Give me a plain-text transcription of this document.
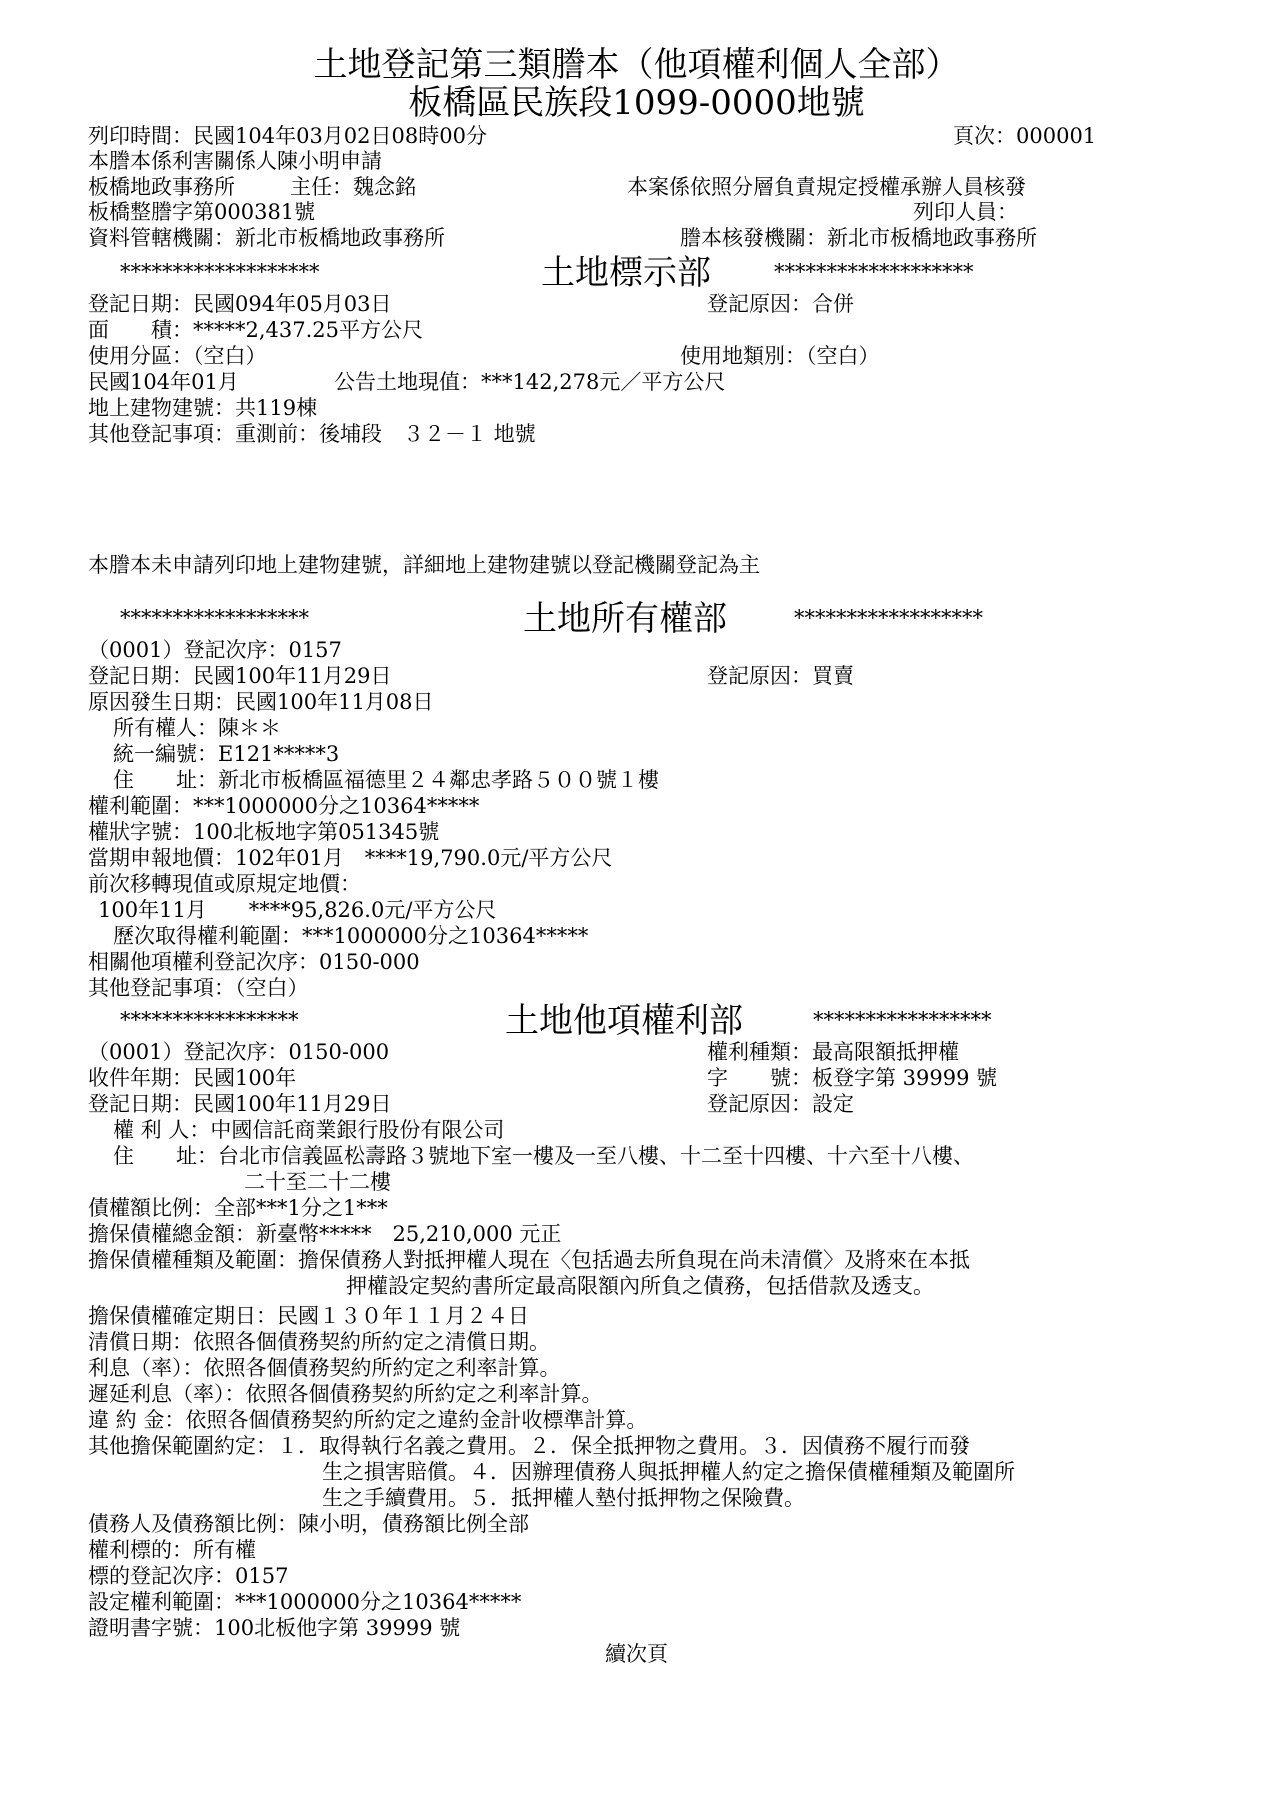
土地登記第三類謄本（他項權利個人全部）
板橋區民族段1099-0000地號
列印時間：民國104年03月02日08時00分	頁次：000001
本謄本係利害關係人陳小明申請
板橋地政事務所	主任：魏念銘	本案係依照分層負責規定授權承辦人員核發
板橋整謄字第000381號	列印人員：
資料管轄機關：新北市板橋地政事務所	謄本核發機關：新北市板橋地政事務所
*******************	土地標示部	*******************
登記日期：民國094年05月03日	登記原因：合併
面　　積：*****2,437.25平方公尺
使用分區：（空白）	使用地類別：（空白）
民國104年01月	公告土地現值：***142,278元／平方公尺
地上建物建號：共119棟
其他登記事項：重測前：後埔段　３２－１ 地號
本謄本未申請列印地上建物建號，詳細地上建物建號以登記機關登記為主
******************	土地所有權部	******************
（0001）登記次序：0157
登記日期：民國100年11月29日	登記原因：買賣
原因發生日期：民國100年11月08日
所有權人：陳＊＊
統一編號：E121*****3
住　　址：新北市板橋區福德里２４鄰忠孝路５００號１樓
權利範圍：***1000000分之10364*****
權狀字號：100北板地字第051345號
當期申報地價：102年01月　****19,790.0元/平方公尺
前次移轉現值或原規定地價：
100年11月　　****95,826.0元/平方公尺
歷次取得權利範圍：***1000000分之10364*****
相關他項權利登記次序：0150-000
其他登記事項：（空白）
*****************	土地他項權利部	*****************
（0001）登記次序：0150-000	權利種類：最高限額抵押權
收件年期：民國100年	字　　號：板登字第 39999 號
登記日期：民國100年11月29日	登記原因：設定
權 利 人：中國信託商業銀行股份有限公司
住　　址：台北市信義區松壽路３號地下室一樓及一至八樓、十二至十四樓、十六至十八樓、
二十至二十二樓
債權額比例：全部***1分之1***
擔保債權總金額：新臺幣*****　25,210,000 元正
擔保債權種類及範圍：擔保債務人對抵押權人現在〈包括過去所負現在尚未清償〉及將來在本抵
押權設定契約書所定最高限額內所負之債務，包括借款及透支。
擔保債權確定期日：民國１３０年１１月２４日
清償日期：依照各個債務契約所約定之清償日期。
利息（率）：依照各個債務契約所約定之利率計算。
遲延利息（率）：依照各個債務契約所約定之利率計算。
違 約 金：依照各個債務契約所約定之違約金計收標準計算。
其他擔保範圍約定：１．取得執行名義之費用。２．保全抵押物之費用。３．因債務不履行而發
生之損害賠償。４．因辦理債務人與抵押權人約定之擔保債權種類及範圍所
生之手續費用。５．抵押權人墊付抵押物之保險費。
債務人及債務額比例：陳小明，債務額比例全部
權利標的：所有權
標的登記次序：0157
設定權利範圍：***1000000分之10364*****
證明書字號：100北板他字第 39999 號
續次頁
